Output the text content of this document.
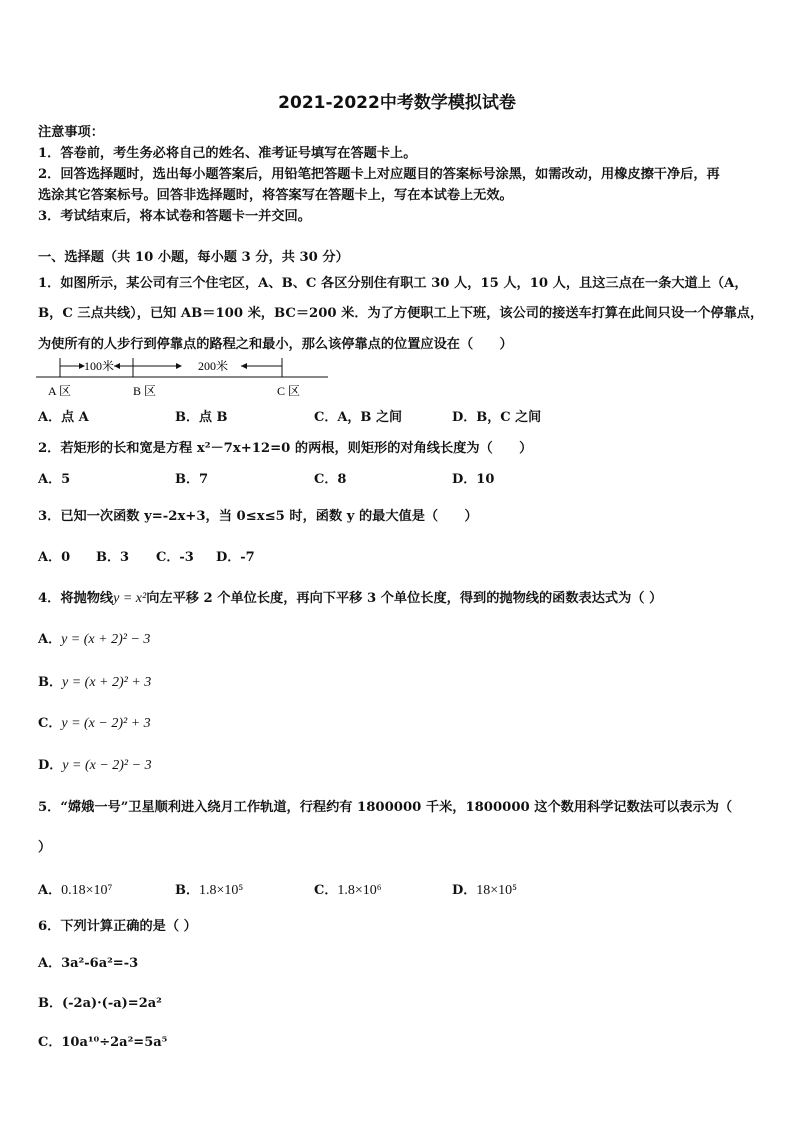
2021-2022中考数学模拟试卷
注意事项：
1．答卷前，考生务必将自己的姓名、准考证号填写在答题卡上。
2．回答选择题时，选出每小题答案后，用铅笔把答题卡上对应题目的答案标号涂黑，如需改动，用橡皮擦干净后，再
选涂其它答案标号。回答非选择题时，将答案写在答题卡上，写在本试卷上无效。
3．考试结束后，将本试卷和答题卡一并交回。
一、选择题（共 10 小题，每小题 3 分，共 30 分）
1．如图所示，某公司有三个住宅区，A、B、C 各区分别住有职工 30 人，15 人，10 人，且这三点在一条大道上（A，
B，C 三点共线），已知 AB＝100 米，BC＝200 米．为了方便职工上下班，该公司的接送车打算在此间只设一个停靠点，
为使所有的人步行到停靠点的路程之和最小，那么该停靠点的位置应设在（　　）
100米	200米
A 区	B 区	C 区
A．点 A	B．点 B	C．A，B 之间	D．B，C 之间
2．若矩形的长和宽是方程 x²－7x+12=0 的两根，则矩形的对角线长度为（　　）
A．5	B．7	C．8	D．10
3．已知一次函数 y=-2x+3，当 0≤x≤5 时，函数 y 的最大值是（　　）
A．0 B．3 C．-3 D．-7
4．将抛物线y = x²向左平移 2 个单位长度，再向下平移 3 个单位长度，得到的抛物线的函数表达式为（ ）
A．y = (x + 2)² − 3
B．y = (x + 2)² + 3
C．y = (x − 2)² + 3
D．y = (x − 2)² − 3
5．“嫦娥一号”卫星顺利进入绕月工作轨道，行程约有 1800000 千米，1800000 这个数用科学记数法可以表示为（
）
A．0.18×10⁷	B．1.8×10⁵	C．1.8×10⁶	D．18×10⁵
6．下列计算正确的是（ ）
A．3a²-6a²=-3
B．(-2a)·(-a)=2a²
C．10a¹⁰÷2a²=5a⁵
